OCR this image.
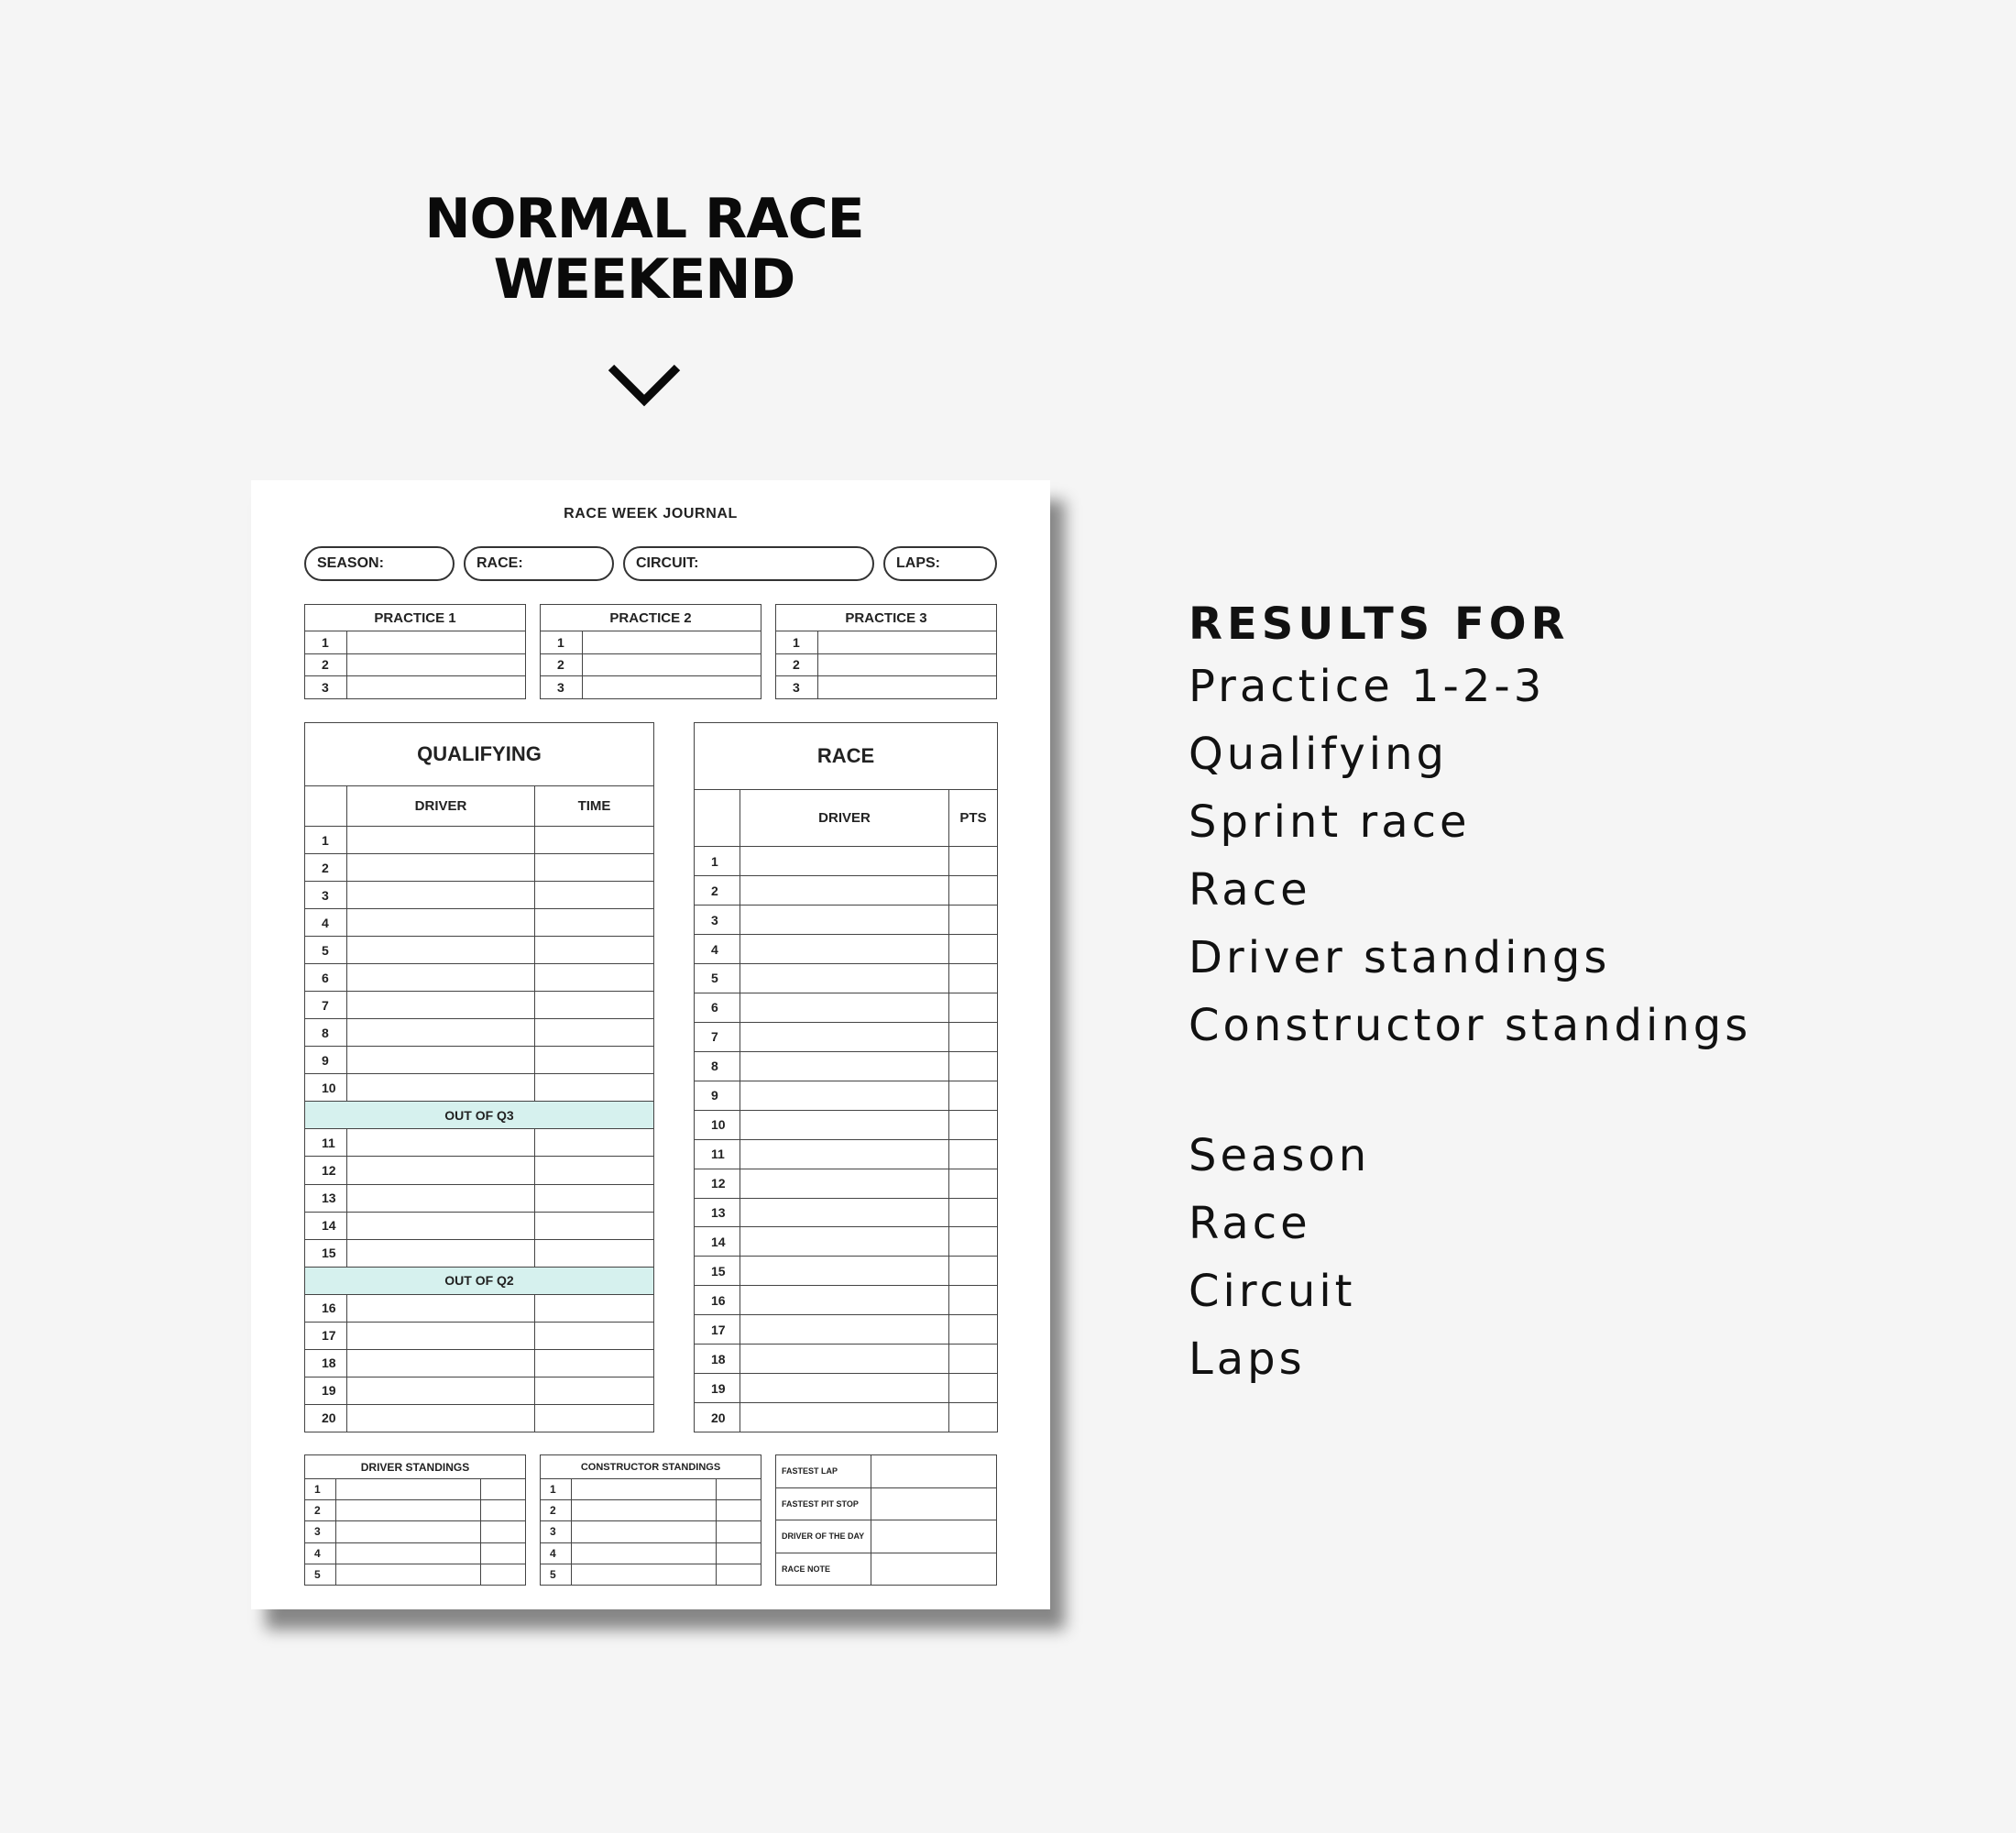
NORMAL RACE
WEEKEND
RACE WEEK JOURNAL
SEASON:	RACE:	CIRCUIT:	LAPS:
PRACTICE 1	
1	
2	
3	
PRACTICE 2	
1	
2	
3	
PRACTICE 3	
1	
2	
3	
QUALIFYING		
	DRIVER	TIME
1		
2		
3		
4		
5		
6		
7		
8		
9		
10		
OUT OF Q3		
11		
12		
13		
14		
15		
OUT OF Q2		
16		
17		
18		
19		
20		
RACE		
	DRIVER	PTS
1		
2		
3		
4		
5		
6		
7		
8		
9		
10		
11		
12		
13		
14		
15		
16		
17		
18		
19		
20		
DRIVER STANDINGS		
1		
2		
3		
4		
5		
CONSTRUCTOR STANDINGS		
1		
2		
3		
4		
5		
FASTEST LAP	
FASTEST PIT STOP	
DRIVER OF THE DAY	
RACE NOTE	
RESULTS FOR
Practice 1-2-3
Qualifying
Sprint race
Race
Driver standings
Constructor standings
Season
Race
Circuit
Laps
